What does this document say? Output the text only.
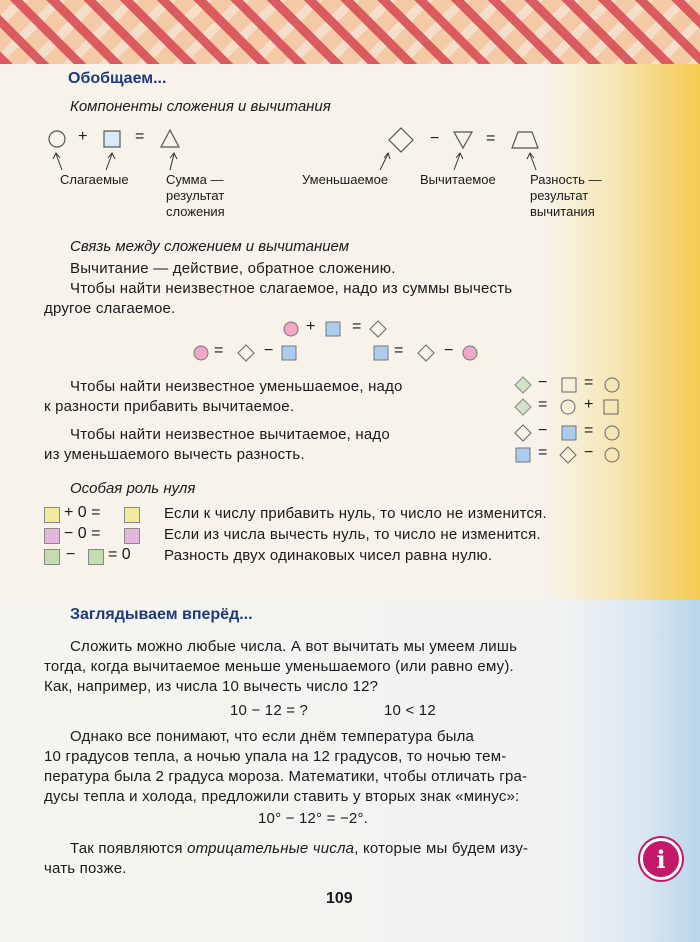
Обобщаем...
Компоненты сложения и вычитания
+	=
Слагаемые	Сумма —
результат
сложения
−	=
Уменьшаемое Вычитаемое	Разность —
результат
вычитания
Связь между сложением и вычитанием
Вычитание — действие, обратное сложению.
Чтобы найти неизвестное слагаемое, надо из суммы вычесть
другое слагаемое.
+ =
=	−	=	−
Чтобы найти неизвестное уменьшаемое, надо
к разности прибавить вычитаемое.
− =
= +
Чтобы найти неизвестное вычитаемое, надо
из уменьшаемого вычесть разность.
− =
= −
Особая роль нуля
+ 0 =	Если к числу прибавить нуль, то число не изменится.
− 0 =	Если из числа вычесть нуль, то число не изменится.
− = 0 Разность двух одинаковых чисел равна нулю.
Заглядываем вперёд...
Сложить можно любые числа. А вот вычитать мы умеем лишь
тогда, когда вычитаемое меньше уменьшаемого (или равно ему).
Как, например, из числа 10 вычесть число 12?
10 − 12 = ?	10 < 12
Однако все понимают, что если днём температура была
10 градусов тепла, а ночью упала на 12 градусов, то ночью тем-
пература была 2 градуса мороза. Математики, чтобы отличать гра-
дусы тепла и холода, предложили ставить у вторых знак «минус»:
10° − 12° = −2°.
Так появляются отрицательные числа, которые мы будем изу-
чать позже.	i
109
